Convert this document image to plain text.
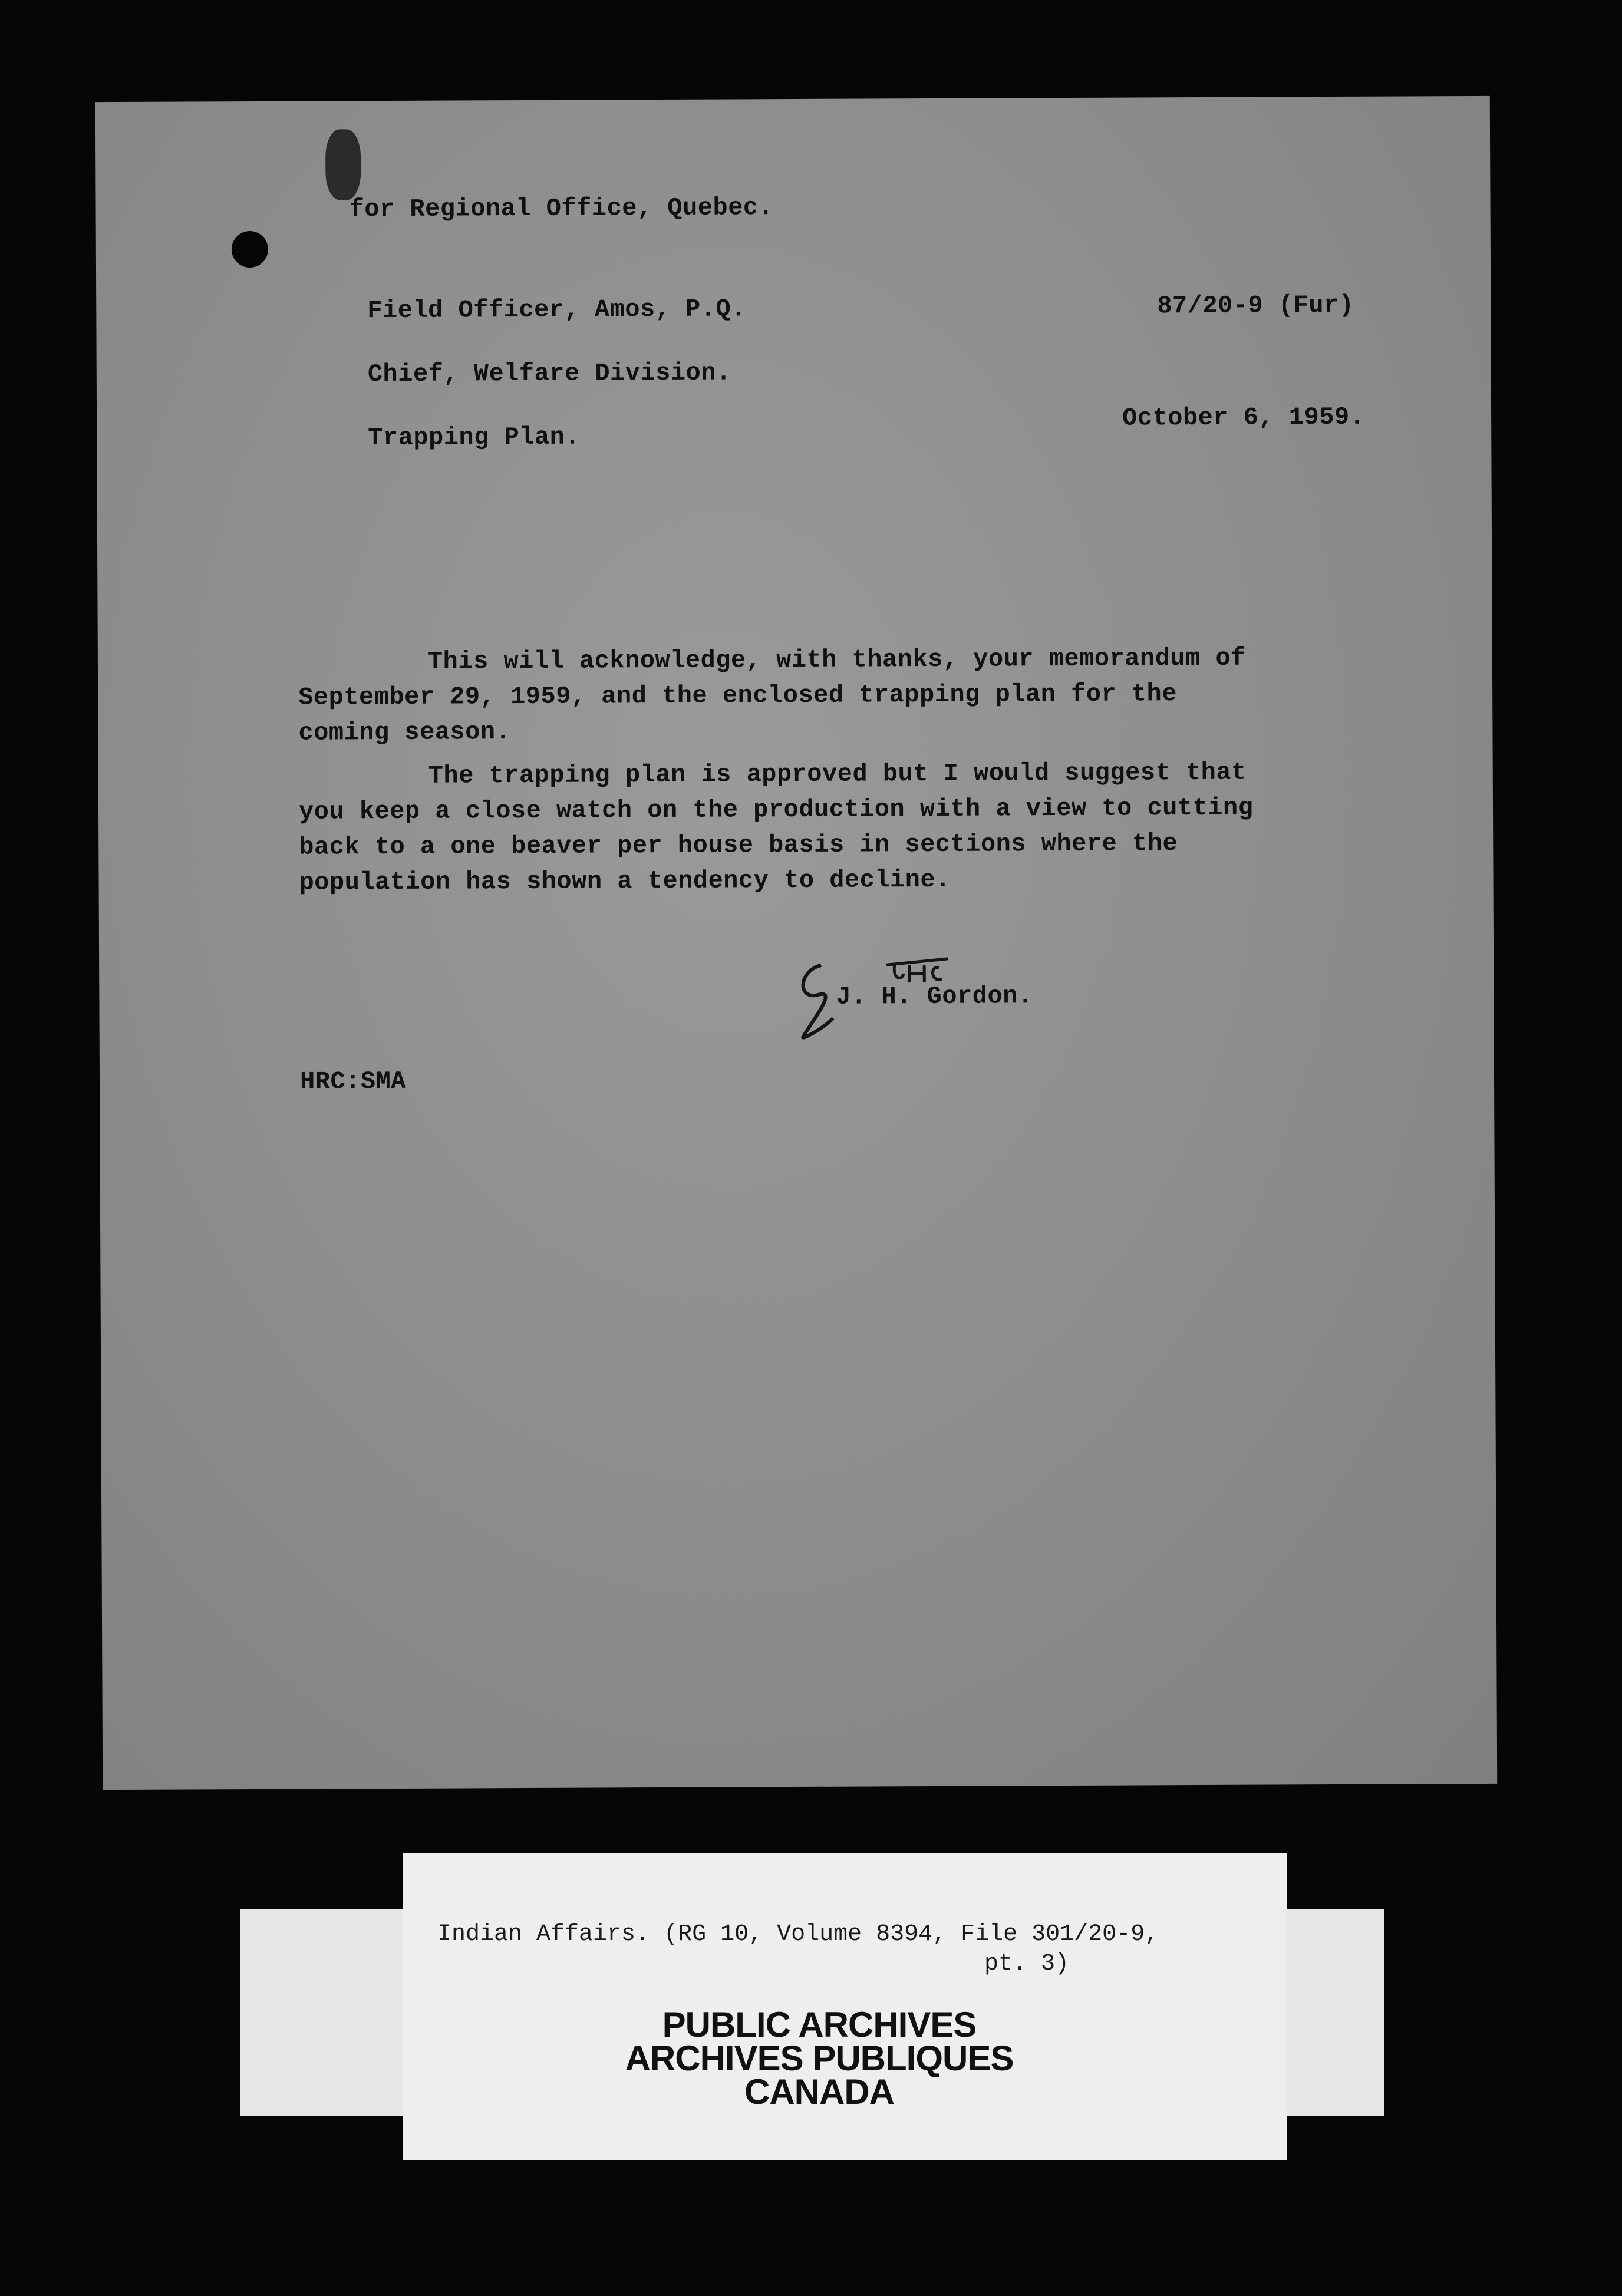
for Regional Office, Quebec.
Field Officer, Amos, P.Q.	87/20-9 (Fur)
Chief, Welfare Division.
Trapping Plan.
October 6, 1959.
This will acknowledge, with thanks, your memorandum of September 29, 1959, and the enclosed trapping plan for the coming season.
The trapping plan is approved but I would suggest that you keep a close watch on the production with a view to cutting back to a one beaver per house basis in sections where the population has shown a tendency to decline.
J. H. Gordon.
HRC:SMA
Indian Affairs. (RG 10, Volume 8394, File 301/20-9,
pt. 3)
PUBLIC ARCHIVES
ARCHIVES PUBLIQUES
CANADA
